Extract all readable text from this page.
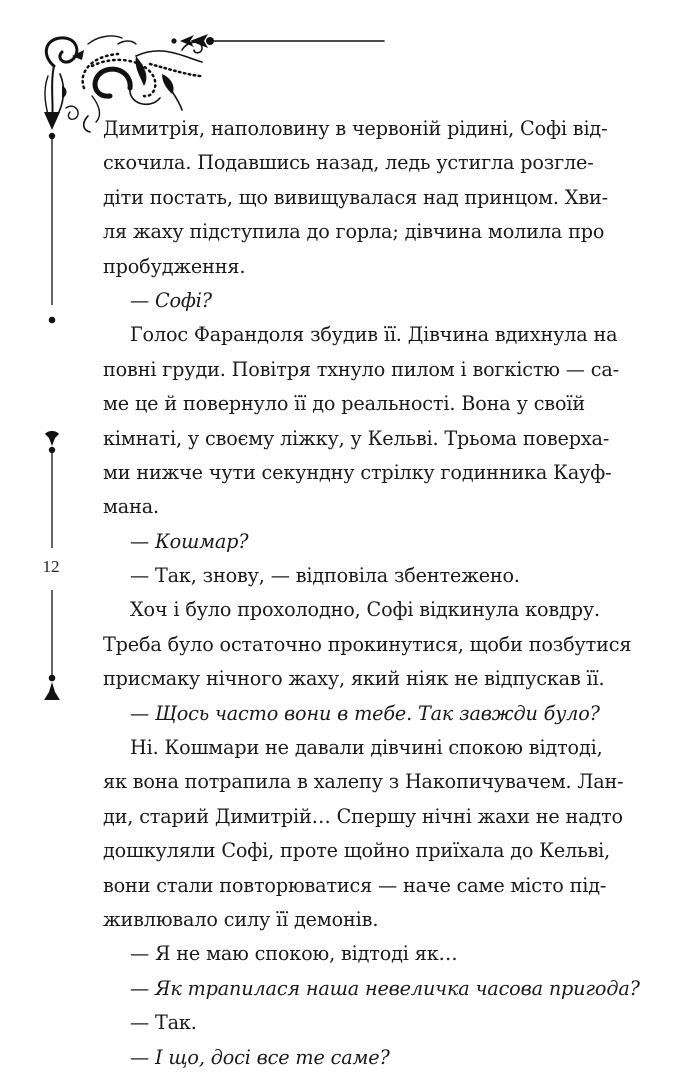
12
Димитрія, наполовину в червоній рідині, Софі від-
скочила. Подавшись назад, ледь устигла розгле-
діти постать, що вивищувалася над принцом. Хви-
ля жаху підступила до горла; дівчина молила про
пробудження.
— Софі?
Голос Фарандоля збудив її. Дівчина вдихнула на
повні груди. Повітря тхнуло пилом і вогкістю — са-
ме це й повернуло її до реальності. Вона у своїй
кімнаті, у своєму ліжку, у Кельві. Трьома поверха-
ми нижче чути секундну стрілку годинника Кауф-
мана.
— Кошмар?
— Так, знову, — відповіла збентежено.
Хоч і було прохолодно, Софі відкинула ковдру.
Треба було остаточно прокинутися, щоби позбутися
присмаку нічного жаху, який ніяк не відпускав її.
— Щось часто вони в тебе. Так завжди було?
Ні. Кошмари не давали дівчині спокою відтоді,
як вона потрапила в халепу з Накопичувачем. Лан-
ди, старий Димитрій… Спершу нічні жахи не надто
дошкуляли Софі, проте щойно приїхала до Кельві,
вони стали повторюватися — наче саме місто під-
живлювало силу її демонів.
— Я не маю спокою, відтоді як…
— Як трапилася наша невеличка часова пригода?
— Так.
— І що, досі все те саме?
